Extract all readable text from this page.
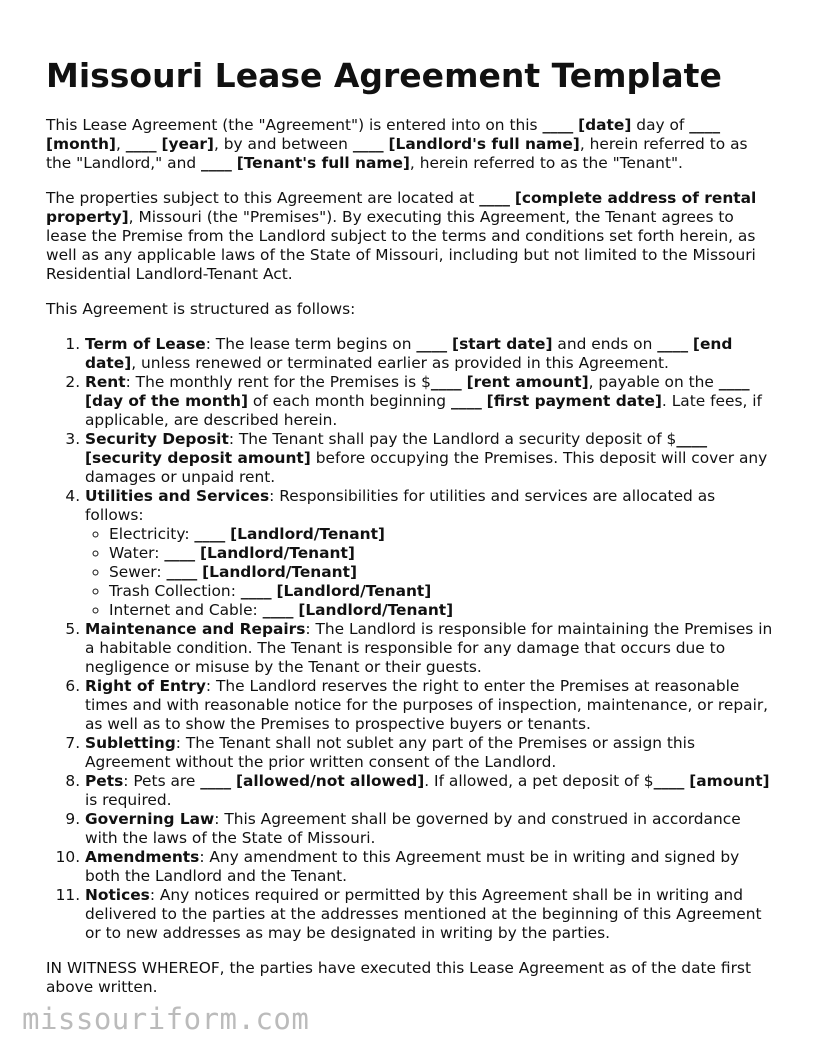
Missouri Lease Agreement Template

This Lease Agreement (the "Agreement") is entered into on this ____ [date] day of ____ [month], ____ [year], by and between ____ [Landlord's full name], herein referred to as the "Landlord," and ____ [Tenant's full name], herein referred to as the "Tenant".

The properties subject to this Agreement are located at ____ [complete address of rental property], Missouri (the "Premises"). By executing this Agreement, the Tenant agrees to lease the Premise from the Landlord subject to the terms and conditions set forth herein, as well as any applicable laws of the State of Missouri, including but not limited to the Missouri Residential Landlord-Tenant Act.

This Agreement is structured as follows:

1. Term of Lease: The lease term begins on ____ [start date] and ends on ____ [end date], unless renewed or terminated earlier as provided in this Agreement.
2. Rent: The monthly rent for the Premises is $____ [rent amount], payable on the ____ [day of the month] of each month beginning ____ [first payment date]. Late fees, if applicable, are described herein.
3. Security Deposit: The Tenant shall pay the Landlord a security deposit of $____ [security deposit amount] before occupying the Premises. This deposit will cover any damages or unpaid rent.
4. Utilities and Services: Responsibilities for utilities and services are allocated as follows:
◦ Electricity: ____ [Landlord/Tenant]
◦ Water: ____ [Landlord/Tenant]
◦ Sewer: ____ [Landlord/Tenant]
◦ Trash Collection: ____ [Landlord/Tenant]
◦ Internet and Cable: ____ [Landlord/Tenant]
5. Maintenance and Repairs: The Landlord is responsible for maintaining the Premises in a habitable condition. The Tenant is responsible for any damage that occurs due to negligence or misuse by the Tenant or their guests.
6. Right of Entry: The Landlord reserves the right to enter the Premises at reasonable times and with reasonable notice for the purposes of inspection, maintenance, or repair, as well as to show the Premises to prospective buyers or tenants.
7. Subletting: The Tenant shall not sublet any part of the Premises or assign this Agreement without the prior written consent of the Landlord.
8. Pets: Pets are ____ [allowed/not allowed]. If allowed, a pet deposit of $____ [amount] is required.
9. Governing Law: This Agreement shall be governed by and construed in accordance with the laws of the State of Missouri.
10. Amendments: Any amendment to this Agreement must be in writing and signed by both the Landlord and the Tenant.
11. Notices: Any notices required or permitted by this Agreement shall be in writing and delivered to the parties at the addresses mentioned at the beginning of this Agreement or to new addresses as may be designated in writing by the parties.

IN WITNESS WHEREOF, the parties have executed this Lease Agreement as of the date first above written.

missouriform.com
